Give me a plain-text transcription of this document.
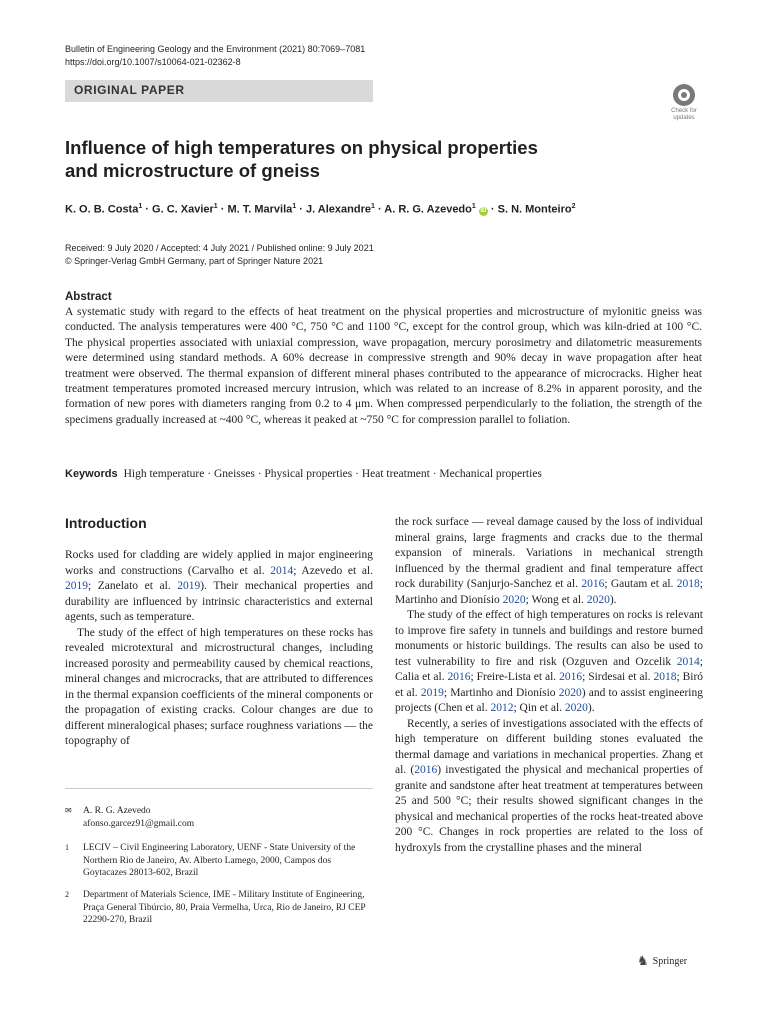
Bulletin of Engineering Geology and the Environment (2021) 80:7069–7081
https://doi.org/10.1007/s10064-021-02362-8
ORIGINAL PAPER
Check for
updates
Influence of high temperatures on physical properties
and microstructure of gneiss
K. O. B. Costa$^1$ · G. C. Xavier$^1$ · M. T. Marvila$^1$ · J. Alexandre$^1$ · A. R. G. Azevedo$^1$ iD · S. N. Monteiro$^2$
Received: 9 July 2020 / Accepted: 4 July 2021 / Published online: 9 July 2021
© Springer-Verlag GmbH Germany, part of Springer Nature 2021
Abstract

A systematic study with regard to the effects of heat treatment on the physical properties and microstructure of mylonitic gneiss was conducted. The analysis temperatures were 400 °C, 750 °C and 1100 °C, except for the control group, which was kiln-dried at 100 °C. The physical properties associated with uniaxial compression, wave propagation, mercury porosimetry and dilatometric measurements were determined using standard methods. A 60% decrease in compressive strength and 90% decay in wave propagation after heat treatment were observed. The thermal expansion of different mineral phases contributed to the appearance of microcracks. Higher heat treatment temperatures promoted increased mercury intrusion, which was related to an increase of 8.2% in apparent porosity, and the formation of new pores with diameters ranging from 0.2 to 4 μm. When compressed perpendicularly to the foliation, the strength of the specimens gradually increased at ~400 °C, whereas it peaked at ~750 °C for compression parallel to foliation.

Keywords High temperature · Gneisses · Physical properties · Heat treatment · Mechanical properties
Introduction

Rocks used for cladding are widely applied in major engineering works and constructions (Carvalho et al. 2014; Azevedo et al. 2019; Zanelato et al. 2019). Their mechanical properties and durability are influenced by intrinsic characteristics and external agents, such as temperature.

The study of the effect of high temperatures on these rocks has revealed microtextural and microstructural changes, including increased porosity and permeability caused by chemical reactions, mineral changes and microcracks, that are attributed to differences in the thermal expansion coefficients of the mineral components or the propagation of existing cracks. Colour changes are due to different mineralogical phases; surface roughness variations — the topography of

the rock surface — reveal damage caused by the loss of individual mineral grains, large fragments and cracks due to the thermal expansion of minerals. Variations in mechanical strength influenced by the thermal gradient and final temperature affect rock durability (Sanjurjo-Sanchez et al. 2016; Gautam et al. 2018; Martinho and Dionísio 2020; Wong et al. 2020).

The study of the effect of high temperatures on rocks is relevant to improve fire safety in tunnels and buildings and restore burned monuments or historic buildings. The results can also be used to test vulnerability to fire and risk (Ozguven and Ozcelik 2014; Calia et al. 2016; Freire-Lista et al. 2016; Sirdesai et al. 2018; Biró et al. 2019; Martinho and Dionísio 2020) and to assist engineering projects (Chen et al. 2012; Qin et al. 2020).

Recently, a series of investigations associated with the effects of high temperature on different building stones evaluated the thermal damage and variations in mechanical properties. Zhang et al. (2016) investigated the physical and mechanical properties of granite and sandstone after heat treatment at temperatures between 25 and 500 °C; their results showed significant changes in the physical and mechanical properties of the rocks heat-treated above 200 °C. Changes in rock properties are related to the loss of hydroxyls from the crystalline phases and the mineral

✉	A. R. G. Azevedo
afonso.garcez91@gmail.com
1	LECIV – Civil Engineering Laboratory, UENF - State University of the Northern Rio de Janeiro, Av. Alberto Lamego, 2000, Campos dos Goytacazes 28013-602, Brazil
2	Department of Materials Science, IME - Military Institute of Engineering, Praça General Tibúrcio, 80, Praia Vermelha, Urca, Rio de Janeiro, RJ CEP 22290-270, Brazil
♞ Springer
